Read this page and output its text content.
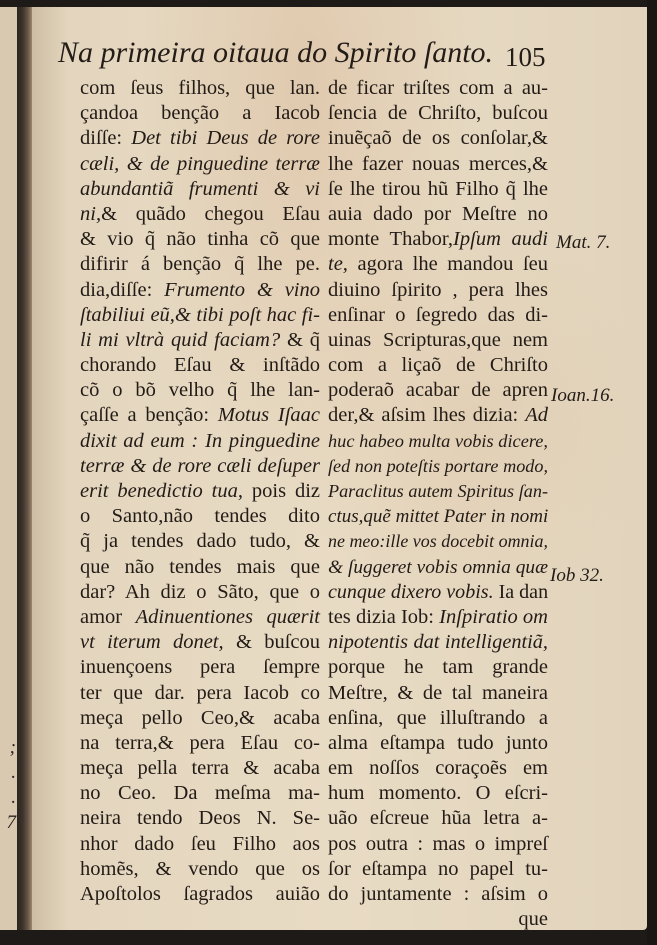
;
.
.
7
Na primeira oitaua do Spirito ſanto. 105
com ſeus filhos, que lan.
çandoa benção a Iacob
diſſe: Det tibi Deus de rore
cæli, & de pinguedine terræ
abundantiã frumenti & vi
ni,& quãdo chegou Eſau
& vio q̃ não tinha cõ que
difirir á benção q̃ lhe pe.
dia,diſſe: Frumento & vino
ſtabiliui eũ,& tibi poſt hac fi-
li mi vltrà quid faciam? & q̃
chorando Eſau & inſtãdo
cõ o bõ velho q̃ lhe lan-
çaſſe a benção: Motus Iſaac
dixit ad eum : In pinguedine
terræ & de rore cæli deſuper
erit benedictio tua, pois diz
o Santo,não tendes dito
q̃ ja tendes dado tudo, &
que não tendes mais que
dar? Ah diz o Sãto, que o
amor Adinuentiones quærit
vt iterum donet, & buſcou
inuençoens pera ſempre
ter que dar. pera Iacob co
meça pello Ceo,& acaba
na terra,& pera Eſau co-
meça pella terra & acaba
no Ceo. Da meſma ma-
neira tendo Deos N. Se-
nhor dado ſeu Filho aos
homẽs, & vendo que os
Apoſtolos ſagrados auião
de ficar triſtes com a au-
ſencia de Chriſto, buſcou
inuẽçaõ de os conſolar,&
lhe fazer nouas merces,&
ſe lhe tirou hũ Filho q̃ lhe
auia dado por Meſtre no
monte Thabor,Ipſum audi
te, agora lhe mandou ſeu
diuino ſpirito , pera lhes
enſinar o ſegredo das di-
uinas Scripturas,que nem
com a liçaõ de Chriſto
poderaõ acabar de apren
der,& aſsim lhes dizia: Ad
huc habeo multa vobis dicere,
ſed non poteſtis portare modo,
Paraclitus autem Spiritus ſan-
ctus,quẽ mittet Pater in nomi
ne meo:ille vos docebit omnia,
& ſuggeret vobis omnia quæ
cunque dixero vobis. Ia dan
tes dizia Iob: Inſpiratio om
nipotentis dat intelligentiã,
porque he tam grande
Meſtre, & de tal maneira
enſina, que illuſtrando a
alma eſtampa tudo junto
em noſſos coraçoẽs em
hum momento. O eſcri-
uão eſcreue hũa letra a-
pos outra : mas o impreſ
ſor eſtampa no papel tu-
do juntamente : aſsim o
que
Mat. 7.
Ioan.16.
Iob 32.
